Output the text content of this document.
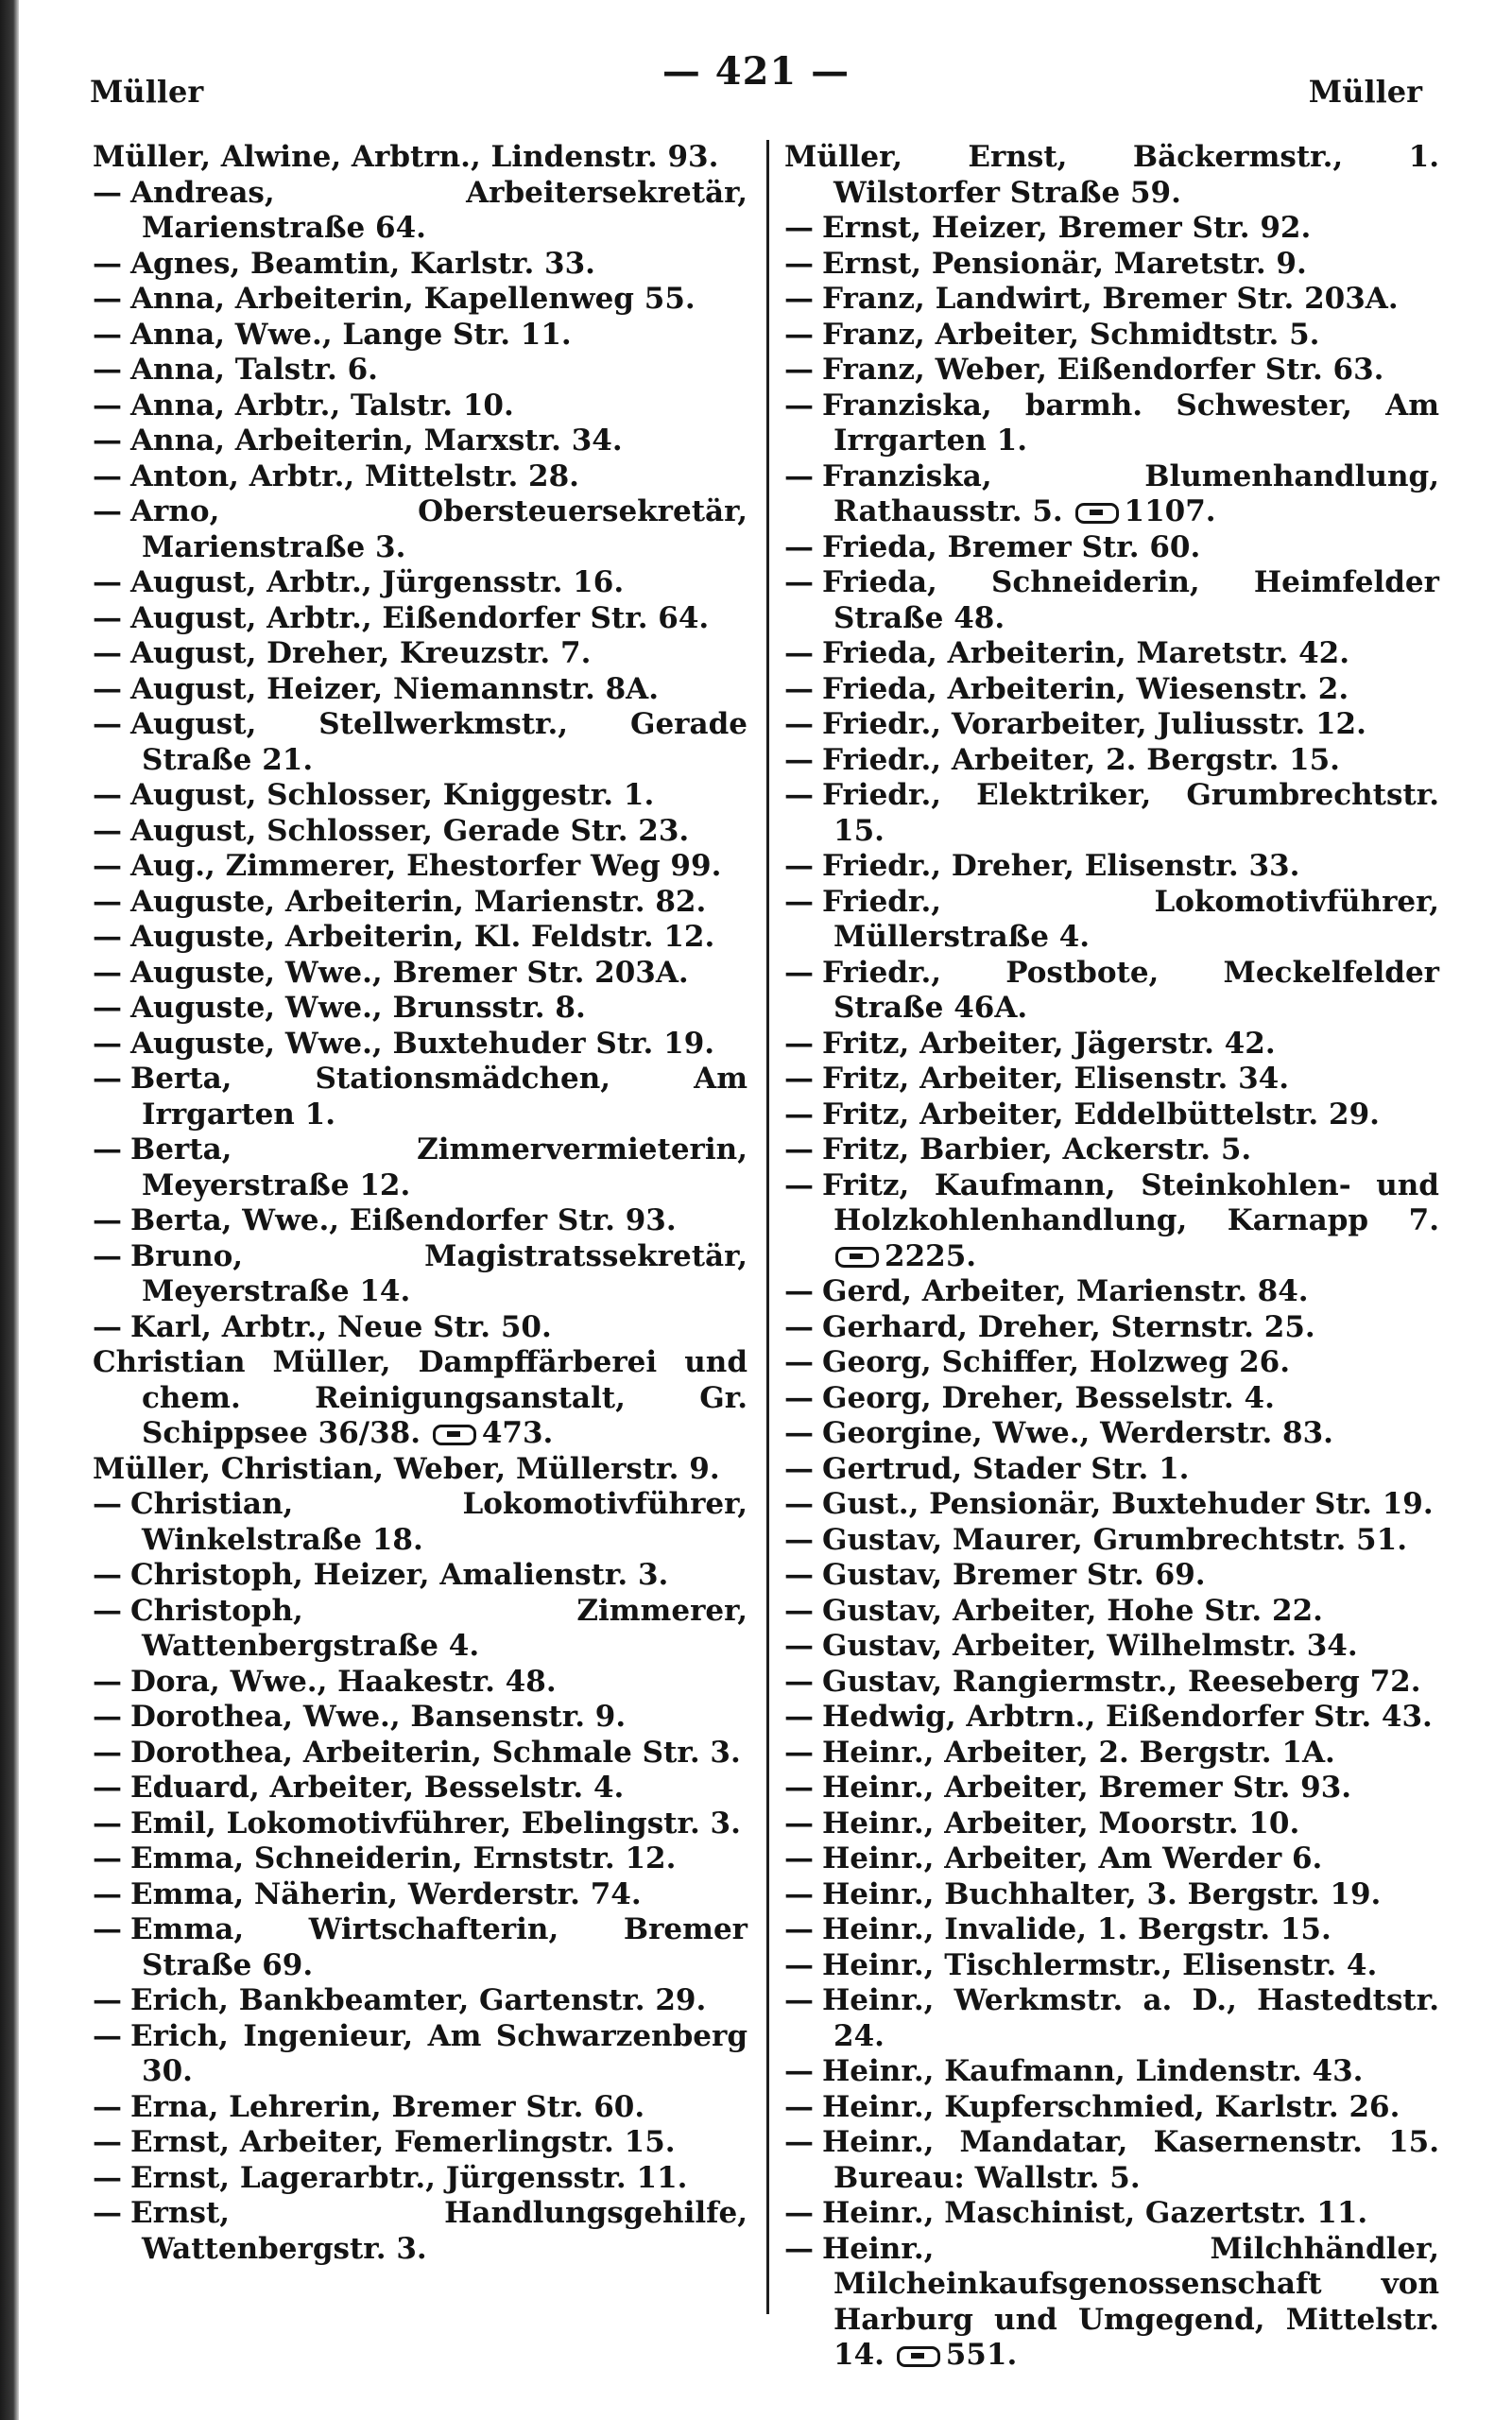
Müller	— 421 —	Müller

Müller, Alwine, Arbtrn., Lindenstr. 93.

— Andreas, Arbeitersekretär, Marienstraße 64.

— Agnes, Beamtin, Karlstr. 33.

— Anna, Arbeiterin, Kapellenweg 55.

— Anna, Wwe., Lange Str. 11.

— Anna, Talstr. 6.

— Anna, Arbtr., Talstr. 10.

— Anna, Arbeiterin, Marxstr. 34.

— Anton, Arbtr., Mittelstr. 28.

— Arno, Obersteuersekretär, Marienstraße 3.

— August, Arbtr., Jürgensstr. 16.

— August, Arbtr., Eißendorfer Str. 64.

— August, Dreher, Kreuzstr. 7.

— August, Heizer, Niemannstr. 8A.

— August, Stellwerkmstr., Gerade Straße 21.

— August, Schlosser, Kniggestr. 1.

— August, Schlosser, Gerade Str. 23.

— Aug., Zimmerer, Ehestorfer Weg 99.

— Auguste, Arbeiterin, Marienstr. 82.

— Auguste, Arbeiterin, Kl. Feldstr. 12.

— Auguste, Wwe., Bremer Str. 203A.

— Auguste, Wwe., Brunsstr. 8.

— Auguste, Wwe., Buxtehuder Str. 19.

— Berta, Stationsmädchen, Am Irrgarten 1.

— Berta, Zimmervermieterin, Meyerstraße 12.

— Berta, Wwe., Eißendorfer Str. 93.

— Bruno, Magistratssekretär, Meyerstraße 14.

— Karl, Arbtr., Neue Str. 50.

Christian Müller, Dampffärberei und chem. Reinigungsanstalt, Gr. Schippsee 36/38. 473.

Müller, Christian, Weber, Müllerstr. 9.

— Christian, Lokomotivführer, Winkelstraße 18.

— Christoph, Heizer, Amalienstr. 3.

— Christoph, Zimmerer, Wattenbergstraße 4.

— Dora, Wwe., Haakestr. 48.

— Dorothea, Wwe., Bansenstr. 9.

— Dorothea, Arbeiterin, Schmale Str. 3.

— Eduard, Arbeiter, Besselstr. 4.

— Emil, Lokomotivführer, Ebelingstr. 3.

— Emma, Schneiderin, Ernststr. 12.

— Emma, Näherin, Werderstr. 74.

— Emma, Wirtschafterin, Bremer Straße 69.

— Erich, Bankbeamter, Gartenstr. 29.

— Erich, Ingenieur, Am Schwarzenberg 30.

— Erna, Lehrerin, Bremer Str. 60.

— Ernst, Arbeiter, Femerlingstr. 15.

— Ernst, Lagerarbtr., Jürgensstr. 11.

— Ernst, Handlungsgehilfe, Wattenbergstr. 3.

Müller, Ernst, Bäckermstr., 1. Wilstorfer Straße 59.

— Ernst, Heizer, Bremer Str. 92.

— Ernst, Pensionär, Maretstr. 9.

— Franz, Landwirt, Bremer Str. 203A.

— Franz, Arbeiter, Schmidtstr. 5.

— Franz, Weber, Eißendorfer Str. 63.

— Franziska, barmh. Schwester, Am Irrgarten 1.

— Franziska, Blumenhandlung, Rathausstr. 5. 1107.

— Frieda, Bremer Str. 60.

— Frieda, Schneiderin, Heimfelder Straße 48.

— Frieda, Arbeiterin, Maretstr. 42.

— Frieda, Arbeiterin, Wiesenstr. 2.

— Friedr., Vorarbeiter, Juliusstr. 12.

— Friedr., Arbeiter, 2. Bergstr. 15.

— Friedr., Elektriker, Grumbrechtstr. 15.

— Friedr., Dreher, Elisenstr. 33.

— Friedr., Lokomotivführer, Müllerstraße 4.

— Friedr., Postbote, Meckelfelder Straße 46A.

— Fritz, Arbeiter, Jägerstr. 42.

— Fritz, Arbeiter, Elisenstr. 34.

— Fritz, Arbeiter, Eddelbüttelstr. 29.

— Fritz, Barbier, Ackerstr. 5.

— Fritz, Kaufmann, Steinkohlen- und Holzkohlenhandlung, Karnapp 7. 2225.

— Gerd, Arbeiter, Marienstr. 84.

— Gerhard, Dreher, Sternstr. 25.

— Georg, Schiffer, Holzweg 26.

— Georg, Dreher, Besselstr. 4.

— Georgine, Wwe., Werderstr. 83.

— Gertrud, Stader Str. 1.

— Gust., Pensionär, Buxtehuder Str. 19.

— Gustav, Maurer, Grumbrechtstr. 51.

— Gustav, Bremer Str. 69.

— Gustav, Arbeiter, Hohe Str. 22.

— Gustav, Arbeiter, Wilhelmstr. 34.

— Gustav, Rangiermstr., Reeseberg 72.

— Hedwig, Arbtrn., Eißendorfer Str. 43.

— Heinr., Arbeiter, 2. Bergstr. 1A.

— Heinr., Arbeiter, Bremer Str. 93.

— Heinr., Arbeiter, Moorstr. 10.

— Heinr., Arbeiter, Am Werder 6.

— Heinr., Buchhalter, 3. Bergstr. 19.

— Heinr., Invalide, 1. Bergstr. 15.

— Heinr., Tischlermstr., Elisenstr. 4.

— Heinr., Werkmstr. a. D., Hastedtstr. 24.

— Heinr., Kaufmann, Lindenstr. 43.

— Heinr., Kupferschmied, Karlstr. 26.

— Heinr., Mandatar, Kasernenstr. 15. Bureau: Wallstr. 5.

— Heinr., Maschinist, Gazertstr. 11.

— Heinr., Milchhändler, Milcheinkaufsgenossenschaft von Harburg und Umgegend, Mittelstr. 14. 551.
